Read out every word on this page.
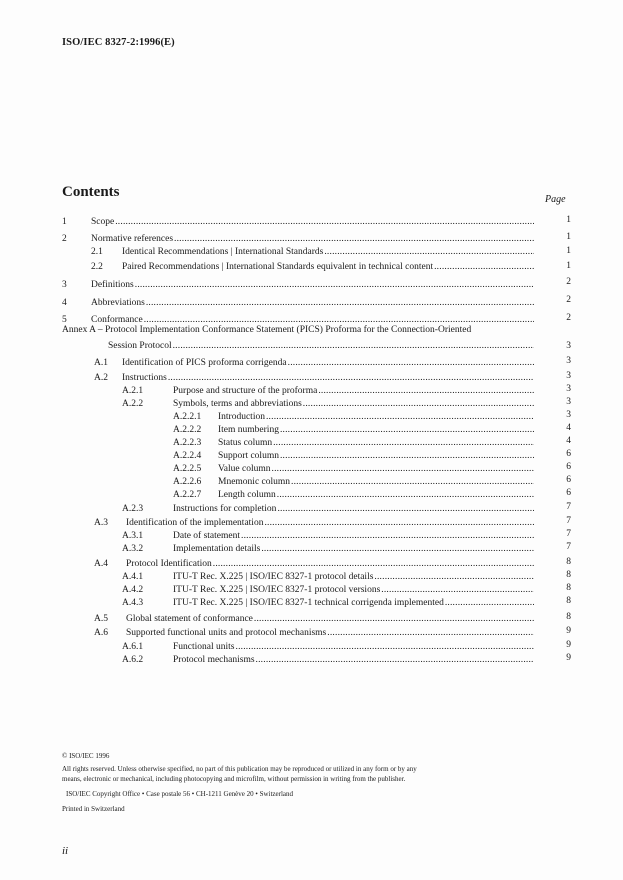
ISO/IEC 8327-2:1996(E)
Contents	Page
Annex A – Protocol Implementation Conformance Statement (PICS) Proforma for the Connection-Oriented
1	Scope .....	1
2	Normative references .....	1
2.1 Identical Recommendations | International Standards .....	1
2.2 Paired Recommendations | International Standards equivalent in technical content .....	1
3	Definitions .....	2
4	Abbreviations .....	2
5	Conformance .....	2
Session Protocol .....	3
A.1 Identification of PICS proforma corrigenda .....	3
A.2 Instructions .....	3
A.2.1	Purpose and structure of the proforma .....	3
A.2.2	Symbols, terms and abbreviations .....	3
A.2.2.1 Introduction .....	3
A.2.2.2 Item numbering .....	4
A.2.2.3 Status column .....	4
A.2.2.4 Support column .....	6
A.2.2.5 Value column .....	6
A.2.2.6 Mnemonic column .....	6
A.2.2.7 Length column .....	6
A.2.3	Instructions for completion .....	7
A.3 Identification of the implementation .....	7
A.3.1	Date of statement .....	7
A.3.2	Implementation details .....	7
A.4 Protocol Identification .....	8
A.4.1	ITU-T Rec. X.225 | ISO/IEC 8327-1 protocol details .....	8
A.4.2	ITU-T Rec. X.225 | ISO/IEC 8327-1 protocol versions .....	8
A.4.3	ITU-T Rec. X.225 | ISO/IEC 8327-1 technical corrigenda implemented .....	8
A.5 Global statement of conformance .....	8
A.6 Supported functional units and protocol mechanisms .....	9
A.6.1	Functional units .....	9
A.6.2	Protocol mechanisms .....	9
© ISO/IEC 1996
All rights reserved. Unless otherwise specified, no part of this publication may be reproduced or utilized in any form or by any means, electronic or mechanical, including photocopying and microfilm, without permission in writing from the publisher.
ISO/IEC Copyright Office • Case postale 56 • CH-1211 Genève 20 • Switzerland
Printed in Switzerland
ii
